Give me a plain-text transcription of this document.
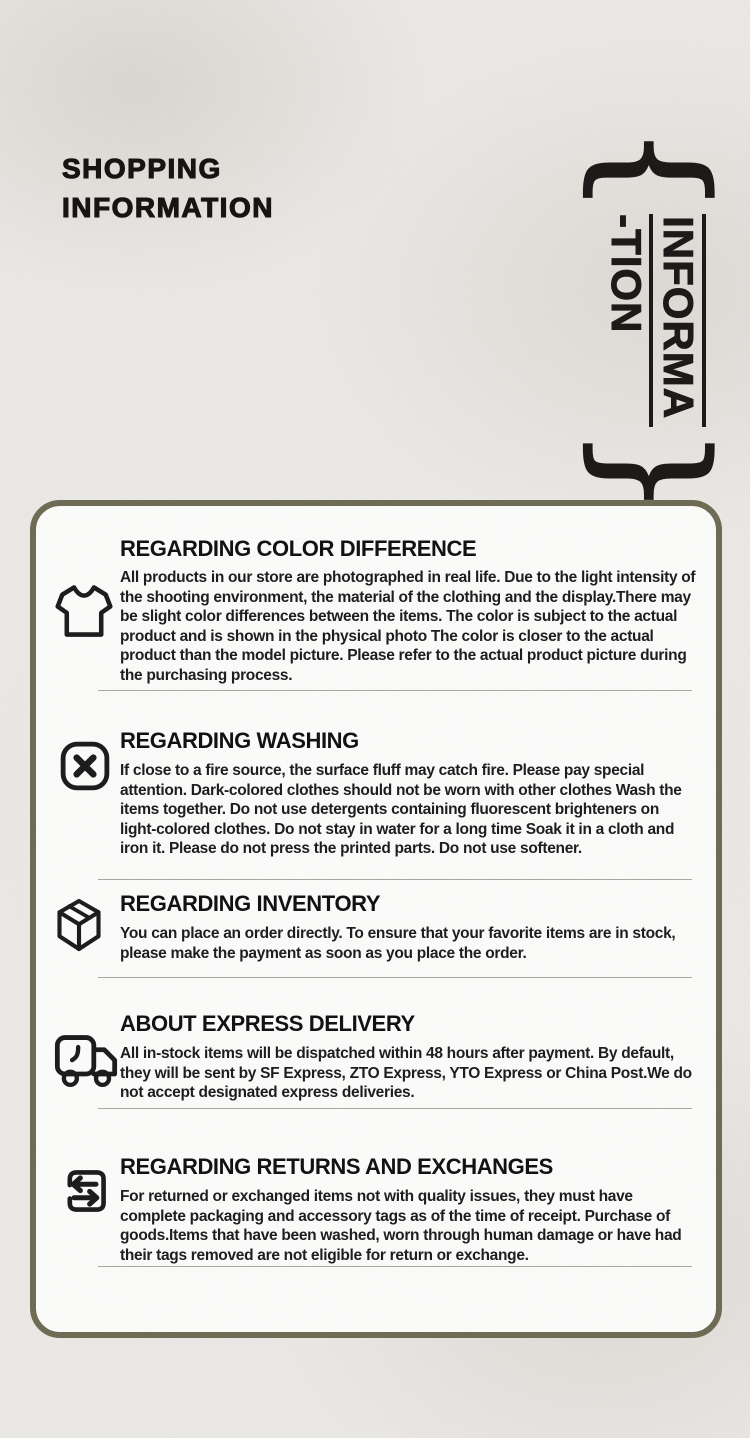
SHOPPING
INFORMATION {
INFORMA
-TION
}
REGARDING COLOR DIFFERENCE

All products in our store are photographed in real life. Due to the light intensity of the shooting environment, the material of the clothing and the display.There may be slight color differences between the items. The color is subject to the actual product and is shown in the physical photo The color is closer to the actual product than the model picture. Please refer to the actual product picture during the purchasing process.

REGARDING WASHING

If close to a fire source, the surface fluff may catch fire. Please pay special attention. Dark-colored clothes should not be worn with other clothes Wash the items together. Do not use detergents containing fluorescent brighteners on light-colored clothes. Do not stay in water for a long time Soak it in a cloth and iron it. Please do not press the printed parts. Do not use softener.

REGARDING INVENTORY

You can place an order directly. To ensure that your favorite items are in stock, please make the payment as soon as you place the order.

ABOUT EXPRESS DELIVERY

All in-stock items will be dispatched within 48 hours after payment. By default, they will be sent by SF Express, ZTO Express, YTO Express or China Post.We do not accept designated express deliveries.

REGARDING RETURNS AND EXCHANGES

For returned or exchanged items not with quality issues, they must have complete packaging and accessory tags as of the time of receipt. Purchase of goods.Items that have been washed, worn through human damage or have had their tags removed are not eligible for return or exchange.
